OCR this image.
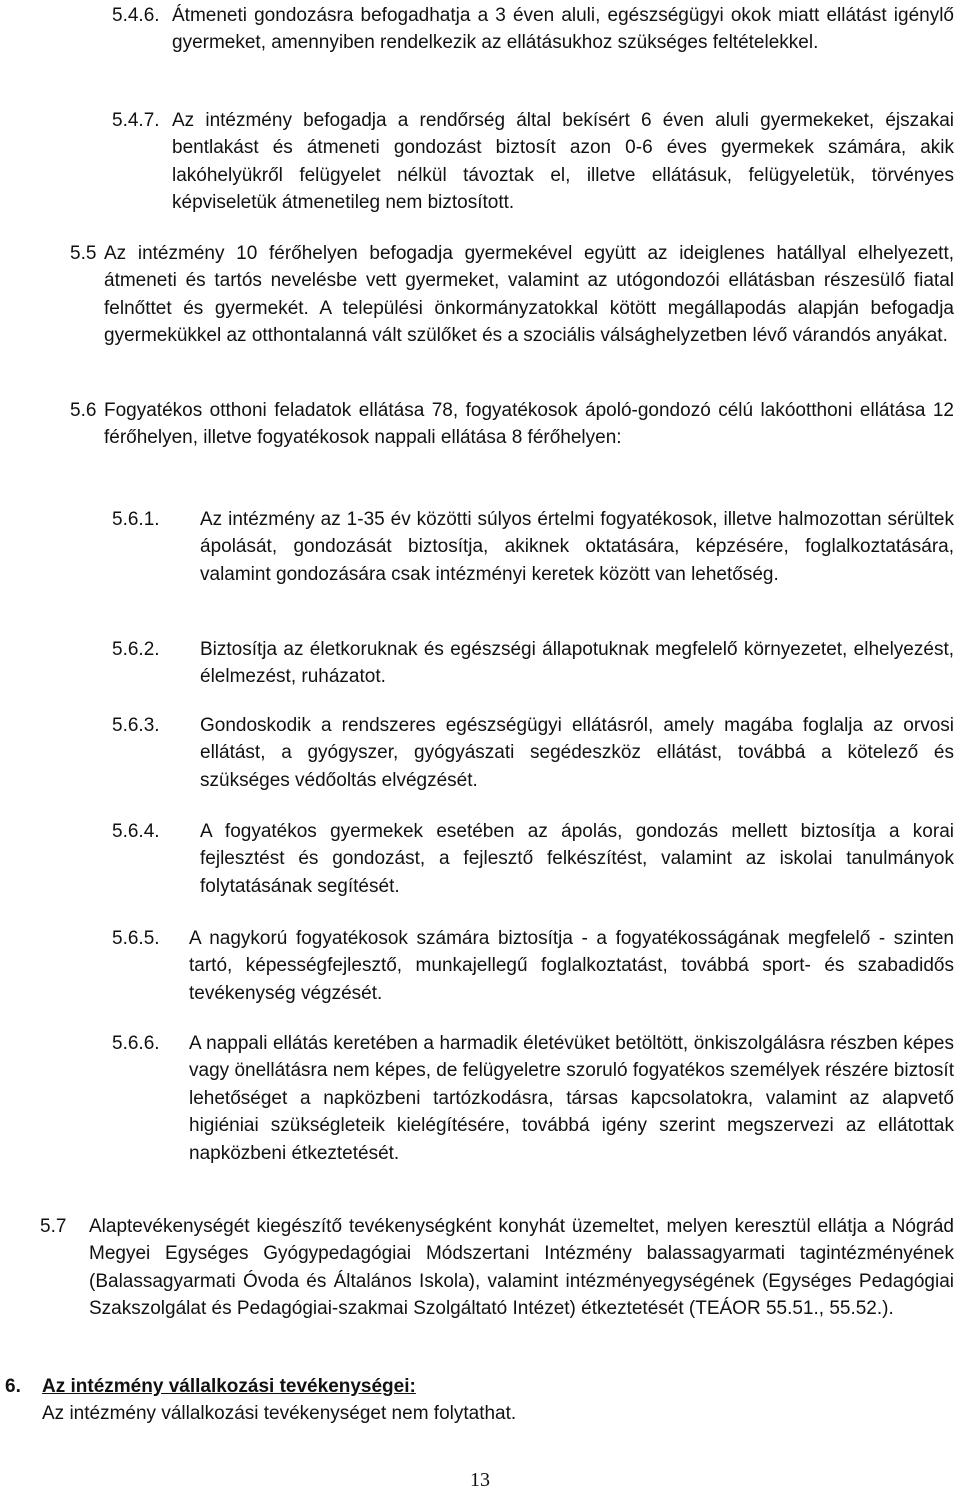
5.4.6. Átmeneti gondozásra befogadhatja a 3 éven aluli, egészségügyi okok miatt ellátást igénylő gyermeket, amennyiben rendelkezik az ellátásukhoz szükséges feltételekkel.
5.4.7. Az intézmény befogadja a rendőrség által bekísért 6 éven aluli gyermekeket, éjszakai bentlakást és átmeneti gondozást biztosít azon 0-6 éves gyermekek számára, akik lakóhelyükről felügyelet nélkül távoztak el, illetve ellátásuk, felügyeletük, törvényes képviseletük átmenetileg nem biztosított.
5.5 Az intézmény 10 férőhelyen befogadja gyermekével együtt az ideiglenes hatállyal elhelyezett, átmeneti és tartós nevelésbe vett gyermeket, valamint az utógondozói ellátásban részesülő fiatal felnőttet és gyermekét. A települési önkormányzatokkal kötött megállapodás alapján befogadja gyermekükkel az otthontalanná vált szülőket és a szociális válsághelyzetben lévő várandós anyákat.
5.6 Fogyatékos otthoni feladatok ellátása 78, fogyatékosok ápoló-gondozó célú lakóotthoni ellátása 12 férőhelyen, illetve fogyatékosok nappali ellátása 8 férőhelyen:
5.6.1.	Az intézmény az 1-35 év közötti súlyos értelmi fogyatékosok, illetve halmozottan sérültek ápolását, gondozását biztosítja, akiknek oktatására, képzésére, foglalkoztatására, valamint gondozására csak intézményi keretek között van lehetőség.
5.6.2.	Biztosítja az életkoruknak és egészségi állapotuknak megfelelő környezetet, elhelyezést, élelmezést, ruházatot.
5.6.3.	Gondoskodik a rendszeres egészségügyi ellátásról, amely magába foglalja az orvosi ellátást, a gyógyszer, gyógyászati segédeszköz ellátást, továbbá a kötelező és szükséges védőoltás elvégzését.
5.6.4.	A fogyatékos gyermekek esetében az ápolás, gondozás mellett biztosítja a korai fejlesztést és gondozást, a fejlesztő felkészítést, valamint az iskolai tanulmányok folytatásának segítését.
5.6.5.	A nagykorú fogyatékosok számára biztosítja - a fogyatékosságának megfelelő - szinten tartó, képességfejlesztő, munkajellegű foglalkoztatást, továbbá sport- és szabadidős tevékenység végzését.
5.6.6.	A nappali ellátás keretében a harmadik életévüket betöltött, önkiszolgálásra részben képes vagy önellátásra nem képes, de felügyeletre szoruló fogyatékos személyek részére biztosít lehetőséget a napközbeni tartózkodásra, társas kapcsolatokra, valamint az alapvető higiéniai szükségleteik kielégítésére, továbbá igény szerint megszervezi az ellátottak napközbeni étkeztetését.
5.7	Alaptevékenységét kiegészítő tevékenységként konyhát üzemeltet, melyen keresztül ellátja a Nógrád Megyei Egységes Gyógypedagógiai Módszertani Intézmény balassagyarmati tagintézményének (Balassagyarmati Óvoda és Általános Iskola), valamint intézményegységének (Egységes Pedagógiai Szakszolgálat és Pedagógiai-szakmai Szolgáltató Intézet) étkeztetését (TEÁOR 55.51., 55.52.).
6.	Az intézmény vállalkozási tevékenységei:
Az intézmény vállalkozási tevékenységet nem folytathat.
13
